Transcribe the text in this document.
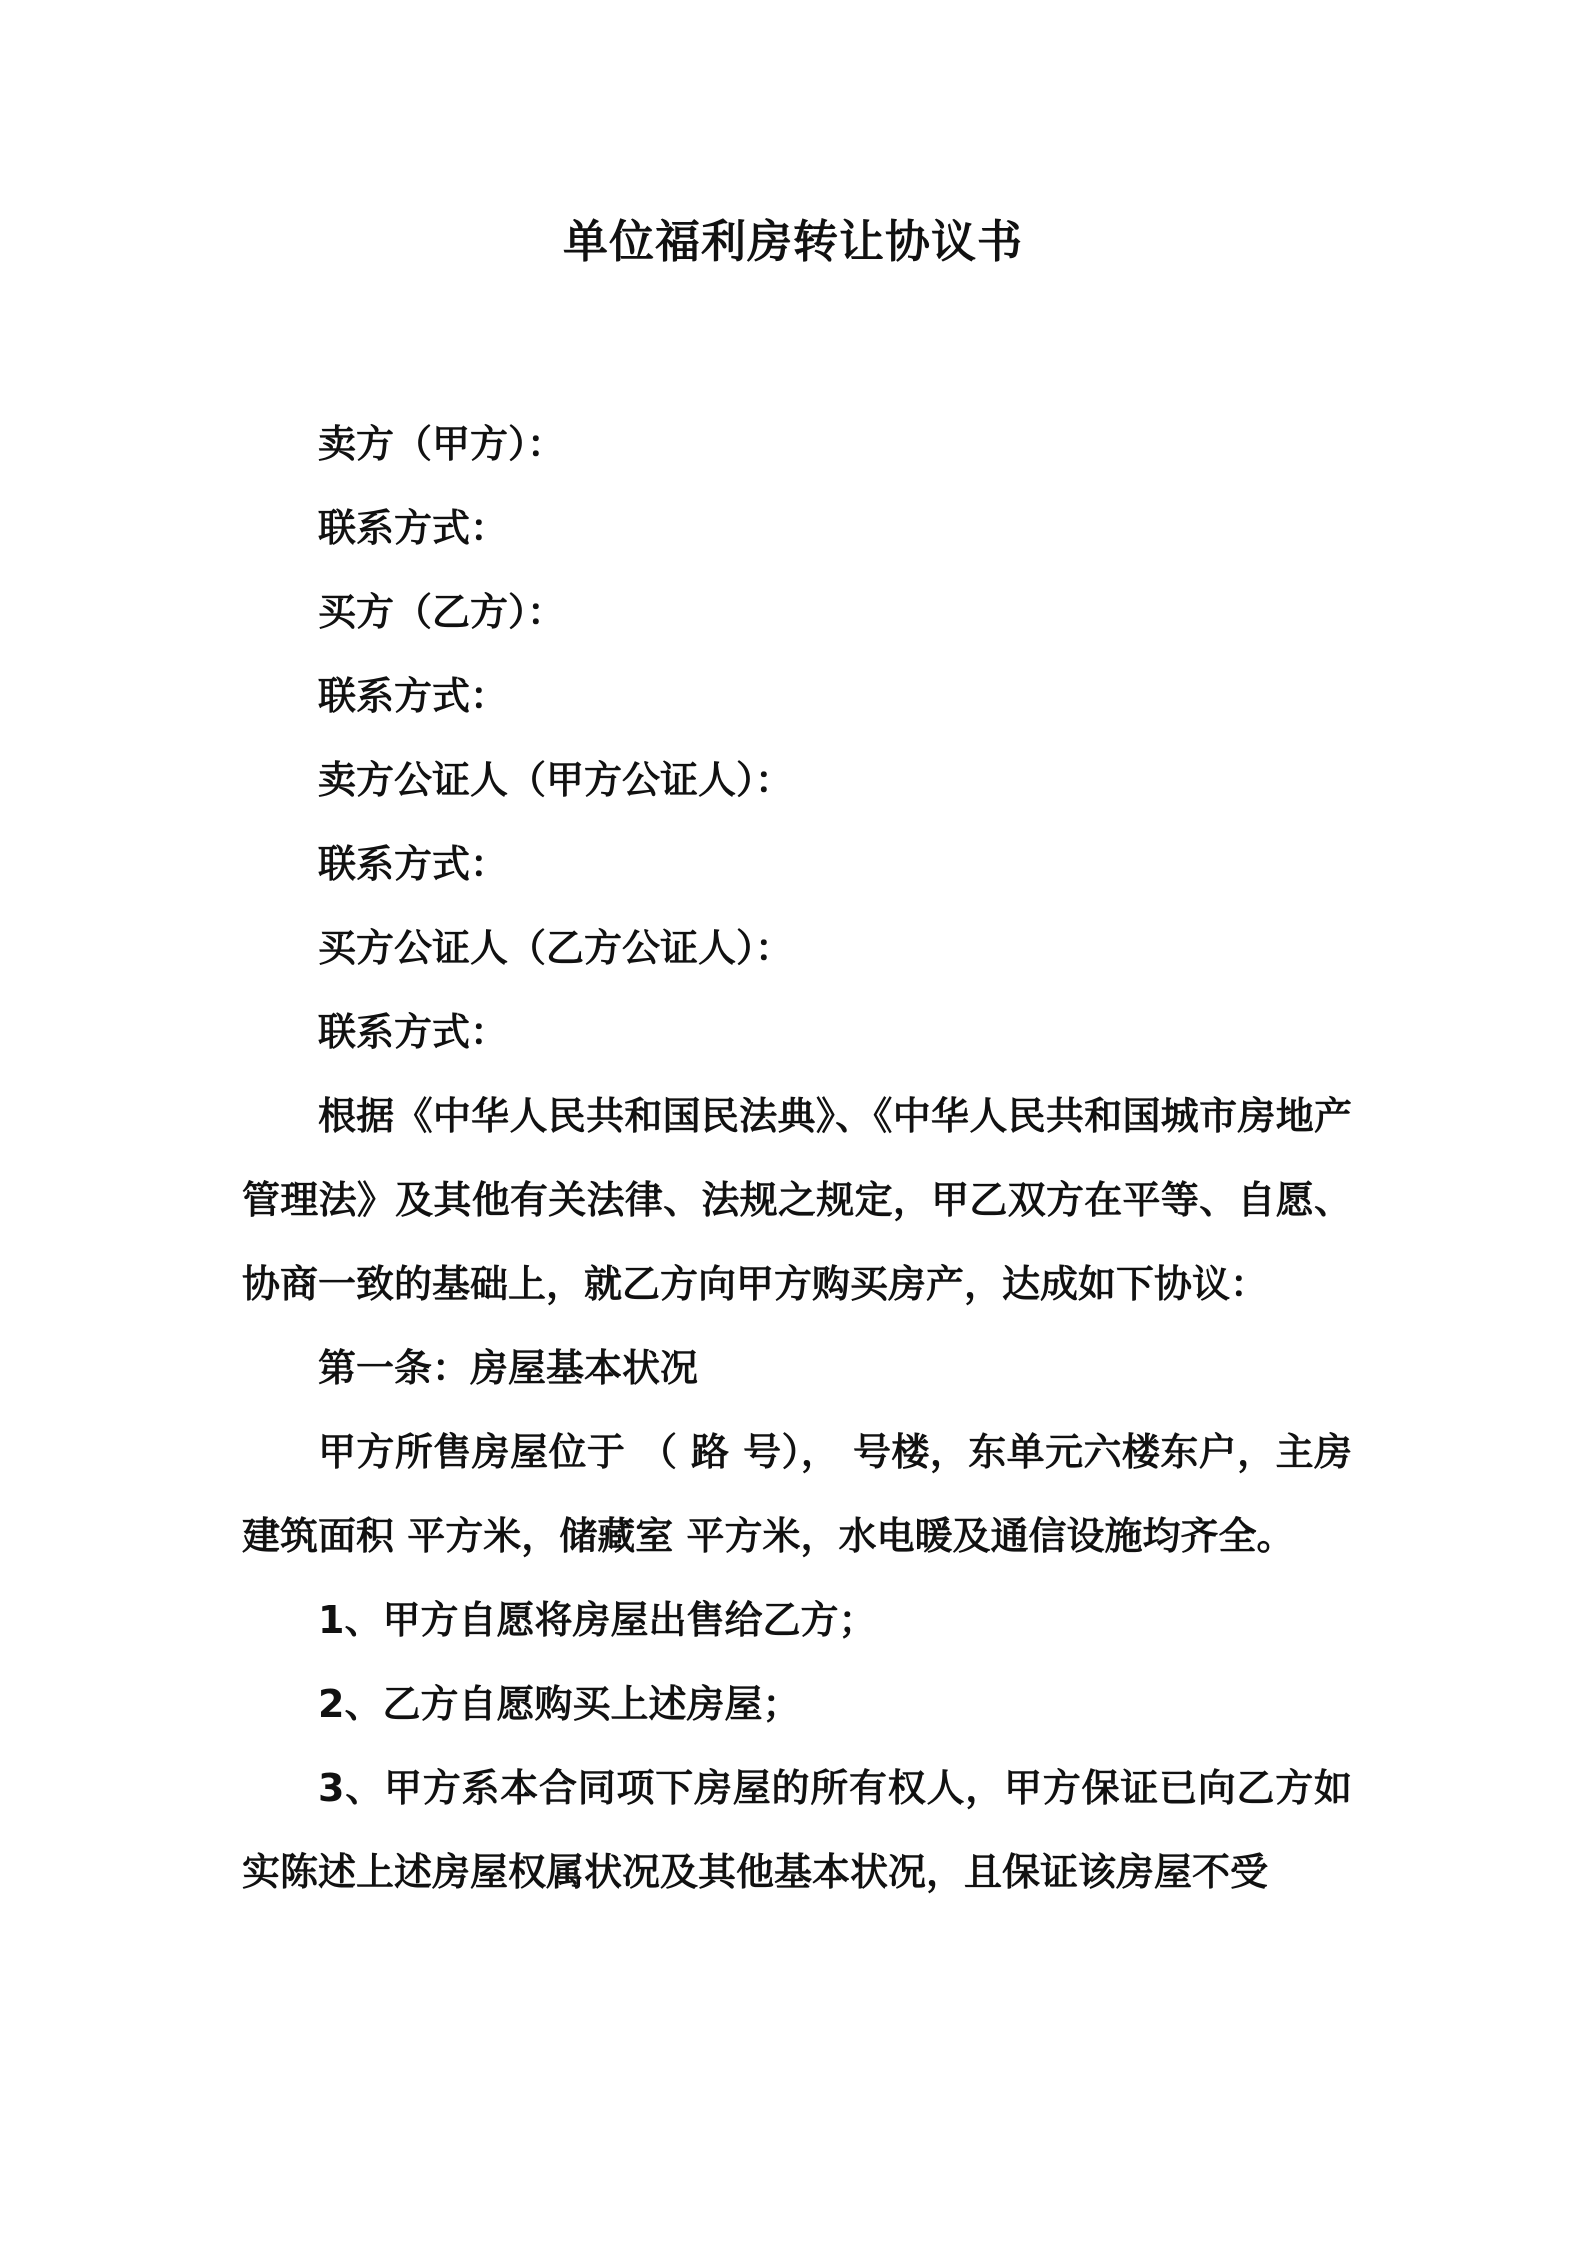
单位福利房转让协议书

卖方（甲方）：

联系方式：

买方（乙方）：

联系方式：

卖方公证人（甲方公证人）：

联系方式：

买方公证人（乙方公证人）：

联系方式：

根据《中华人民共和国民法典》、《中华人民共和国城市房地产管理法》及其他有关法律、法规之规定，甲乙双方在平等、自愿、协商一致的基础上，就乙方向甲方购买房产，达成如下协议：

第一条：房屋基本状况

甲方所售房屋位于 （ 路 号）， 号楼，东单元六楼东户，主房建筑面积 平方米，储藏室 平方米，水电暖及通信设施均齐全。

1、甲方自愿将房屋出售给乙方；

2、乙方自愿购买上述房屋；

3、甲方系本合同项下房屋的所有权人，甲方保证已向乙方如实陈述上述房屋权属状况及其他基本状况，且保证该房屋不受
